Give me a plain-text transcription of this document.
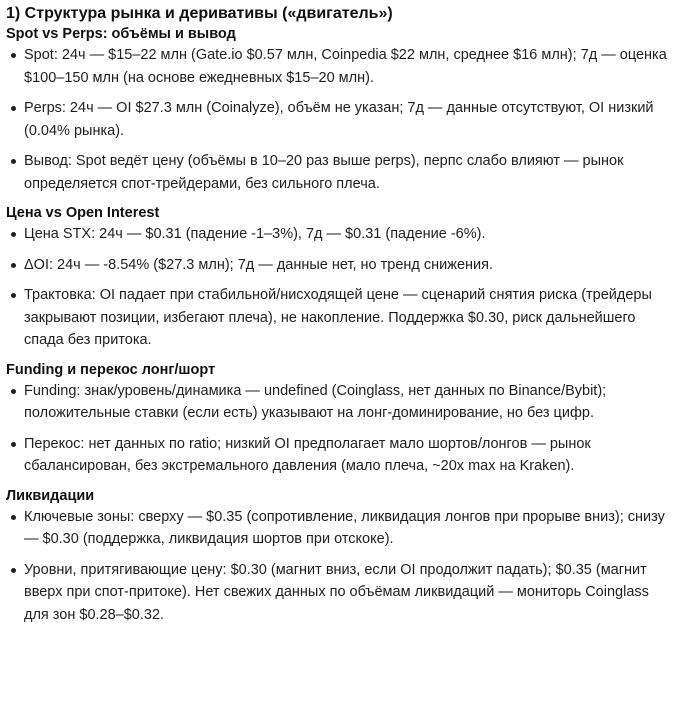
1) Структура рынка и деривативы («двигатель»)
Spot vs Perps: объёмы и вывод
Spot: 24ч — $15–22 млн (Gate.io $0.57 млн, Coinpedia $22 млн, среднее $16 млн); 7д — оценка $100–150 млн (на основе ежедневных $15–20 млн).
Perps: 24ч — OI $27.3 млн (Coinalyze), объём не указан; 7д — данные отсутствуют, OI низкий (0.04% рынка).
Вывод: Spot ведёт цену (объёмы в 10–20 раз выше perps), перпс слабо влияют — рынок определяется спот-трейдерами, без сильного плеча.
Цена vs Open Interest
Цена STX: 24ч — $0.31 (падение -1–3%), 7д — $0.31 (падение -6%).
ΔOI: 24ч — -8.54% ($27.3 млн); 7д — данные нет, но тренд снижения.
Трактовка: OI падает при стабильной/нисходящей цене — сценарий снятия риска (трейдеры закрывают позиции, избегают плеча), не накопление. Поддержка $0.30, риск дальнейшего спада без притока.
Funding и перекос лонг/шорт
Funding: знак/уровень/динамика — undefined (Coinglass, нет данных по Binance/Bybit); положительные ставки (если есть) указывают на лонг-доминирование, но без цифр.
Перекос: нет данных по ratio; низкий OI предполагает мало шортов/лонгов — рынок сбалансирован, без экстремального давления (мало плеча, ~20x max на Kraken).
Ликвидации
Ключевые зоны: сверху — $0.35 (сопротивление, ликвидация лонгов при прорыве вниз); снизу — $0.30 (поддержка, ликвидация шортов при отскоке).
Уровни, притягивающие цену: $0.30 (магнит вниз, если OI продолжит падать); $0.35 (магнит вверх при спот-притоке). Нет свежих данных по объёмам ликвидаций — мониторь Coinglass для зон $0.28–$0.32.
